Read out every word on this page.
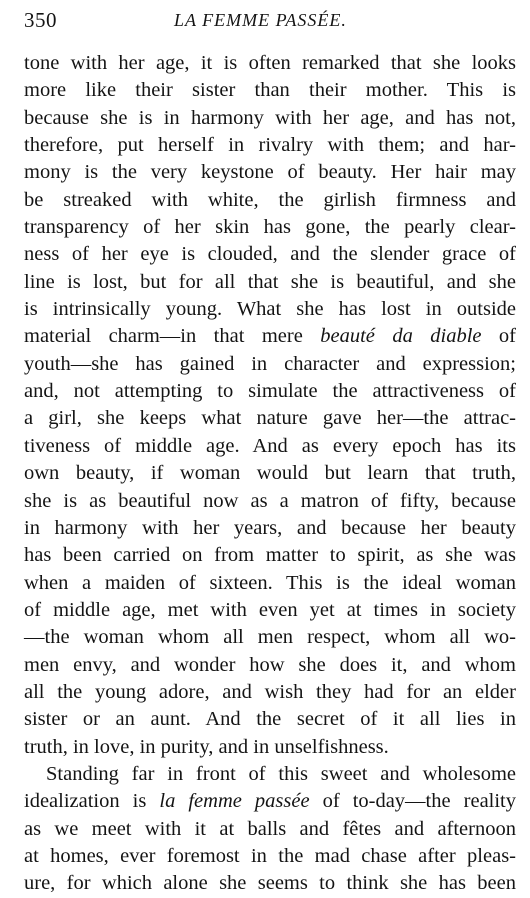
350	LA FEMME PASSÉE.
tone with her age, it is often remarked that she looks
more like their sister than their mother. This is
because she is in harmony with her age, and has not,
therefore, put herself in rivalry with them; and har-
mony is the very keystone of beauty. Her hair may
be streaked with white, the girlish firmness and
transparency of her skin has gone, the pearly clear-
ness of her eye is clouded, and the slender grace of
line is lost, but for all that she is beautiful, and she
is intrinsically young. What she has lost in outside
material charm—in that mere beauté da diable of
youth—she has gained in character and expression;
and, not attempting to simulate the attractiveness of
a girl, she keeps what nature gave her—the attrac-
tiveness of middle age. And as every epoch has its
own beauty, if woman would but learn that truth,
she is as beautiful now as a matron of fifty, because
in harmony with her years, and because her beauty
has been carried on from matter to spirit, as she was
when a maiden of sixteen. This is the ideal woman
of middle age, met with even yet at times in society
—the woman whom all men respect, whom all wo-
men envy, and wonder how she does it, and whom
all the young adore, and wish they had for an elder
sister or an aunt. And the secret of it all lies in
truth, in love, in purity, and in unselfishness.
Standing far in front of this sweet and wholesome
idealization is la femme passée of to-day—the reality
as we meet with it at balls and fêtes and afternoon
at homes, ever foremost in the mad chase after pleas-
ure, for which alone she seems to think she has been
